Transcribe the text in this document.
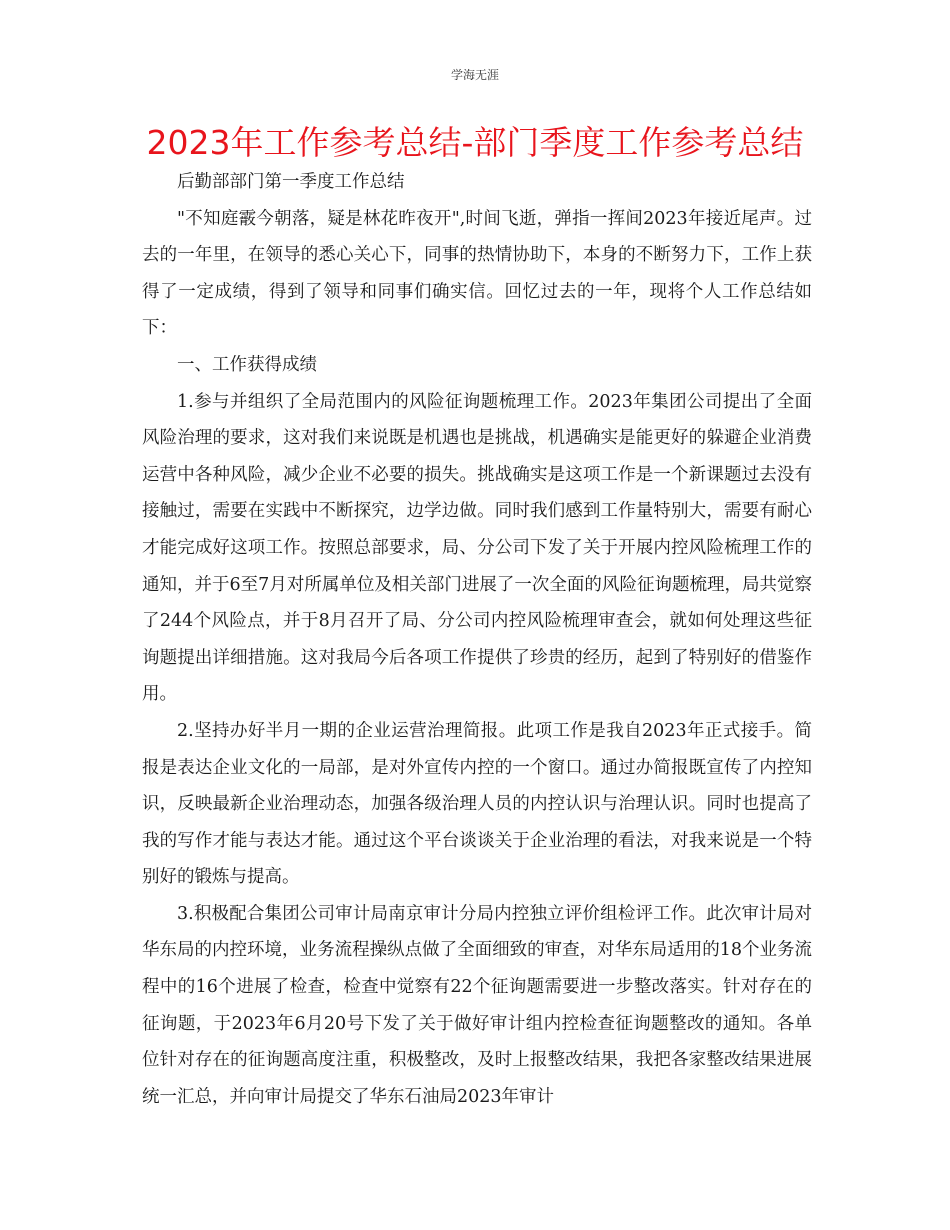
学海无涯
2023年工作参考总结-部门季度工作参考总结

后勤部部门第一季度工作总结

"不知庭霰今朝落，疑是林花昨夜开",时间飞逝，弹指一挥间2023年接近尾声。过去的一年里，在领导的悉心关心下，同事的热情协助下，本身的不断努力下，工作上获得了一定成绩，得到了领导和同事们确实信。回忆过去的一年，现将个人工作总结如下：

一、工作获得成绩

1.参与并组织了全局范围内的风险征询题梳理工作。2023年集团公司提出了全面风险治理的要求，这对我们来说既是机遇也是挑战，机遇确实是能更好的躲避企业消费运营中各种风险，减少企业不必要的损失。挑战确实是这项工作是一个新课题过去没有接触过，需要在实践中不断探究，边学边做。同时我们感到工作量特别大，需要有耐心才能完成好这项工作。按照总部要求，局、分公司下发了关于开展内控风险梳理工作的通知，并于6至7月对所属单位及相关部门进展了一次全面的风险征询题梳理，局共觉察了244个风险点，并于8月召开了局、分公司内控风险梳理审查会，就如何处理这些征询题提出详细措施。这对我局今后各项工作提供了珍贵的经历，起到了特别好的借鉴作用。

2.坚持办好半月一期的企业运营治理简报。此项工作是我自2023年正式接手。简报是表达企业文化的一局部，是对外宣传内控的一个窗口。通过办简报既宣传了内控知识，反映最新企业治理动态，加强各级治理人员的内控认识与治理认识。同时也提高了我的写作才能与表达才能。通过这个平台谈谈关于企业治理的看法，对我来说是一个特别好的锻炼与提高。

3.积极配合集团公司审计局南京审计分局内控独立评价组检评工作。此次审计局对华东局的内控环境，业务流程操纵点做了全面细致的审查，对华东局适用的18个业务流程中的16个进展了检查，检查中觉察有22个征询题需要进一步整改落实。针对存在的征询题，于2023年6月20号下发了关于做好审计组内控检查征询题整改的通知。各单位针对存在的征询题高度注重，积极整改，及时上报整改结果，我把各家整改结果进展统一汇总，并向审计局提交了华东石油局2023年审计
